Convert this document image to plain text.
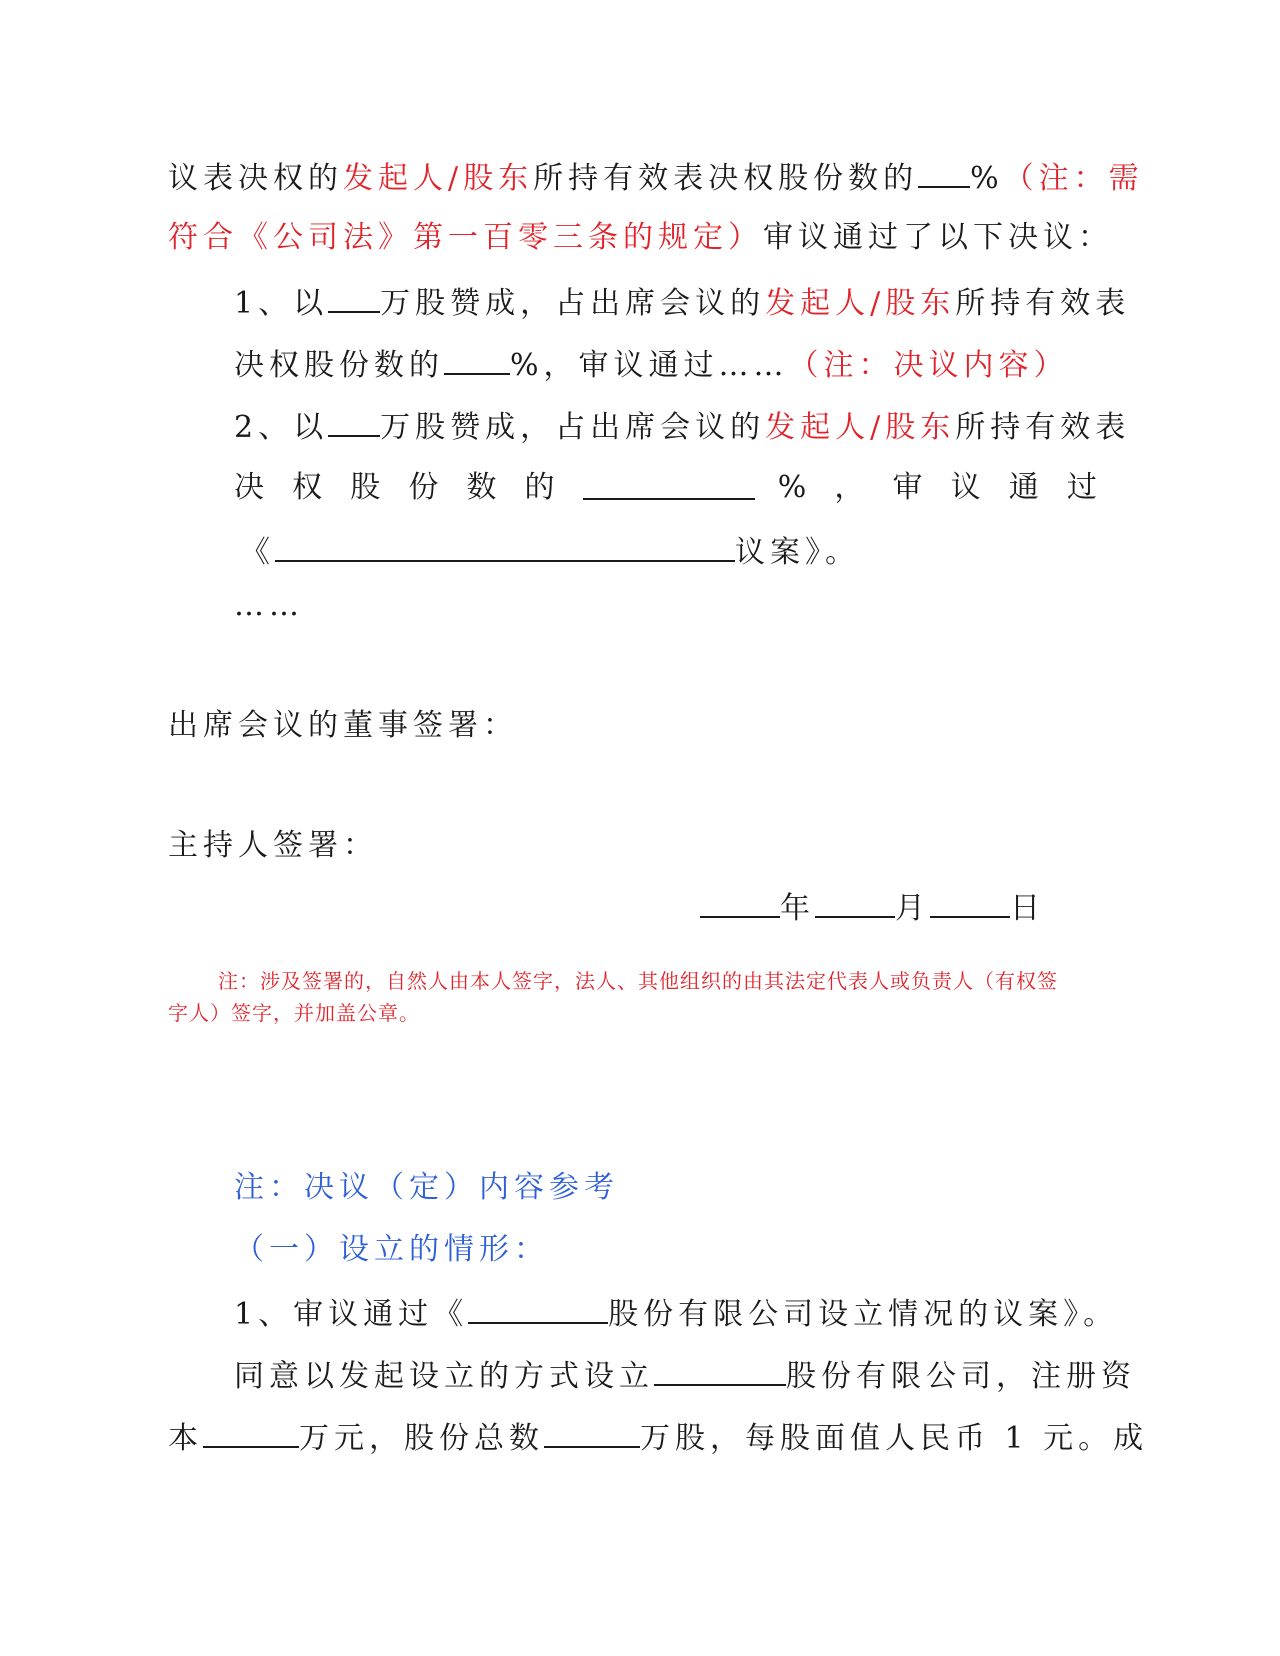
议表决权的发起人/股东所持有效表决权股份数的 %（注：需
符合《公司法》第一百零三条的规定）审议通过了以下决议：
1、以 万股赞成，占出席会议的发起人/股东所持有效表
决权股份数的 %，审议通过……（注：决议内容）
2、以 万股赞成，占出席会议的发起人/股东所持有效表
决 权 股 份 数 的	% ， 审 议 通 过
《	议案》。
……
出席会议的董事签署：
主持人签署：
年	月	日
注：涉及签署的，自然人由本人签字，法人、其他组织的由其法定代表人或负责人（有权签
字人）签字，并加盖公章。
注：决议（定）内容参考
（一）设立的情形：
1、审议通过《	股份有限公司设立情况的议案》。
同意以发起设立的方式设立	股份有限公司，注册资
本	万元，股份总数	万股，每股面值人民币 1 元。成
